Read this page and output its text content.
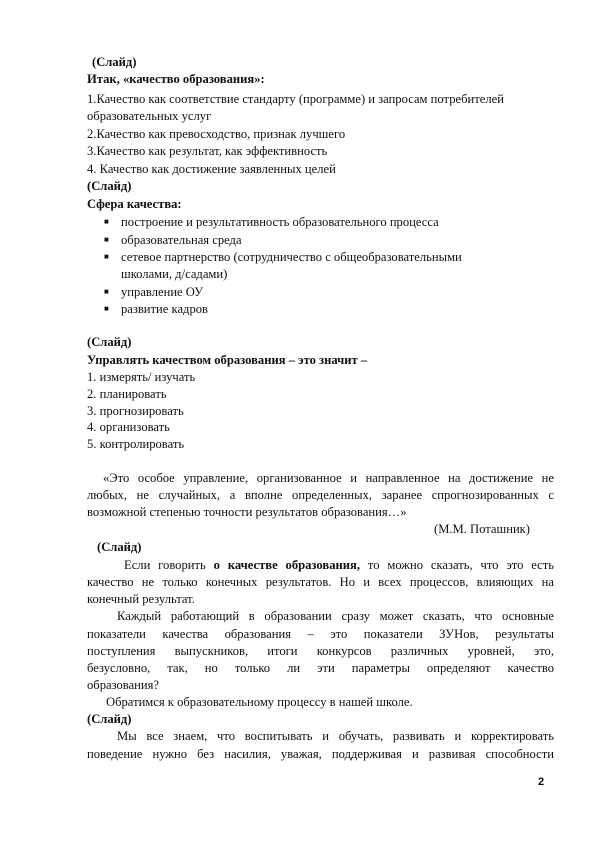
(Слайд)

Итак, «качество образования»:

1.Качество как соответствие стандарту (программе) и запросам потребителей

образовательных услуг

2.Качество как превосходство, признак лучшего

3.Качество как результат, как эффективность

4. Качество как достижение заявленных целей

(Слайд)

Сфера качества:

■ построение и результативность образовательного процесса

■ образовательная среда

■ сетевое партнерство (сотрудничество с общеобразовательными

школами, д/садами)

■ управление ОУ

■ развитие кадров

(Слайд)

Управлять качеством образования – это значит –

1. измерять/ изучать

2. планировать

3. прогнозировать

4. организовать

5. контролировать

«Это особое управление, организованное и направленное на достижение не

любых, не случайных, а вполне определенных, заранее спрогнозированных с

возможной степенью точности результатов образования…»

(М.М. Поташник)

(Слайд)

Если говорить о качестве образования, то можно сказать, что это есть

качество не только конечных результатов. Но и всех процессов, влияющих на

конечный результат.

Каждый работающий в образовании сразу может сказать, что основные

показатели качества образования – это показатели ЗУНов, результаты

поступления выпускников, итоги конкурсов различных уровней, это,

безусловно, так, но только ли эти параметры определяют качество

образования?

Обратимся к образовательному процессу в нашей школе.

(Слайд)

Мы все знаем, что воспитывать и обучать, развивать и корректировать

поведение нужно без насилия, уважая, поддерживая и развивая способности

2
